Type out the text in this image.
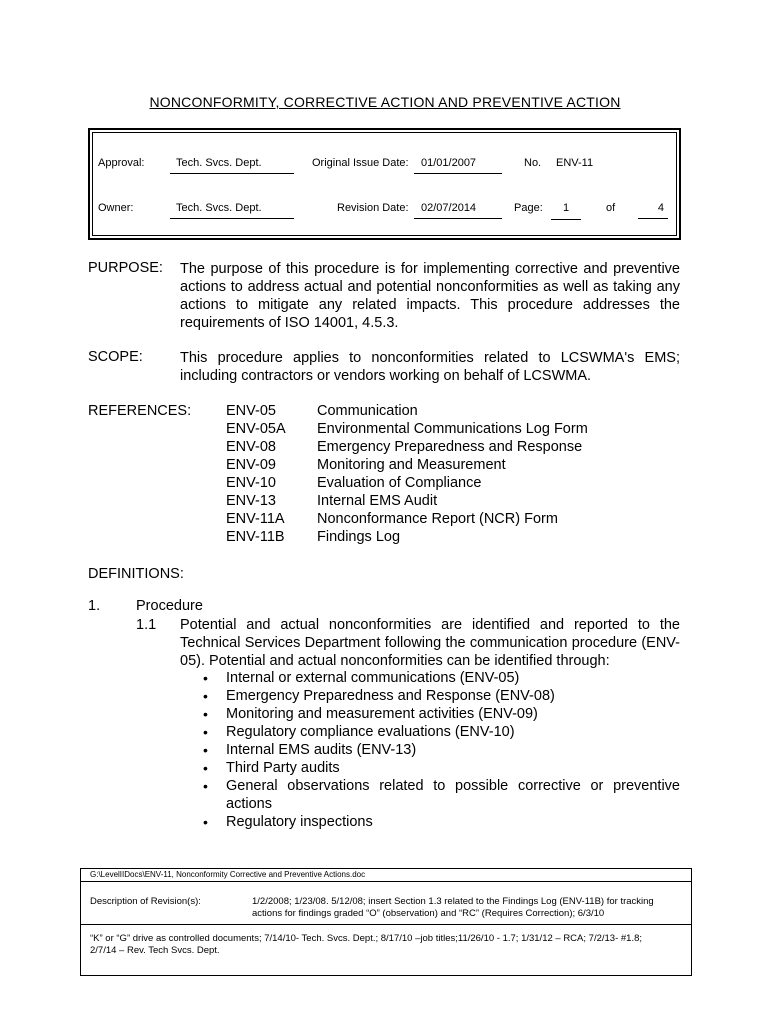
NONCONFORMITY, CORRECTIVE ACTION AND PREVENTIVE ACTION
Approval:	Tech. Svcs. Dept.	Original Issue Date:	01/01/2007	No. ENV-11
Owner:	Tech. Svcs. Dept.	Revision Date:	02/07/2014	Page:	1	of	4
PURPOSE: The purpose of this procedure is for implementing corrective and preventive
actions to address actual and potential nonconformities as well as taking any
actions to mitigate any related impacts. This procedure addresses the
requirements of ISO 14001, 4.5.3.
SCOPE:	This procedure applies to nonconformities related to LCSWMA's EMS;
including contractors or vendors working on behalf of LCSWMA.
REFERENCES: ENV-05	Communication
ENV-05A Environmental Communications Log Form
ENV-08	Emergency Preparedness and Response
ENV-09	Monitoring and Measurement
ENV-10	Evaluation of Compliance
ENV-13	Internal EMS Audit
ENV-11A Nonconformance Report (NCR) Form
ENV-11B Findings Log
DEFINITIONS:
1. Procedure
1.1 Potential and actual nonconformities are identified and reported to the
Technical Services Department following the communication procedure (ENV-
05). Potential and actual nonconformities can be identified through:
• Internal or external communications (ENV-05)
• Emergency Preparedness and Response (ENV-08)
• Monitoring and measurement activities (ENV-09)
• Regulatory compliance evaluations (ENV-10)
• Internal EMS audits (ENV-13)
• Third Party audits
• General observations related to possible corrective or preventive
actions
• Regulatory inspections
G:\LevelIIDocs\ENV-11, Nonconformity Corrective and Preventive Actions.doc
Description of Revision(s):	1/2/2008; 1/23/08. 5/12/08; insert Section 1.3 related to the Findings Log (ENV-11B) for tracking
actions for findings graded “O” (observation) and “RC” (Requires Correction); 6/3/10
“K” or “G” drive as controlled documents; 7/14/10- Tech. Svcs. Dept.; 8/17/10 –job titles;11/26/10 - 1.7; 1/31/12 – RCA; 7/2/13- #1.8;
2/7/14 – Rev. Tech Svcs. Dept.
